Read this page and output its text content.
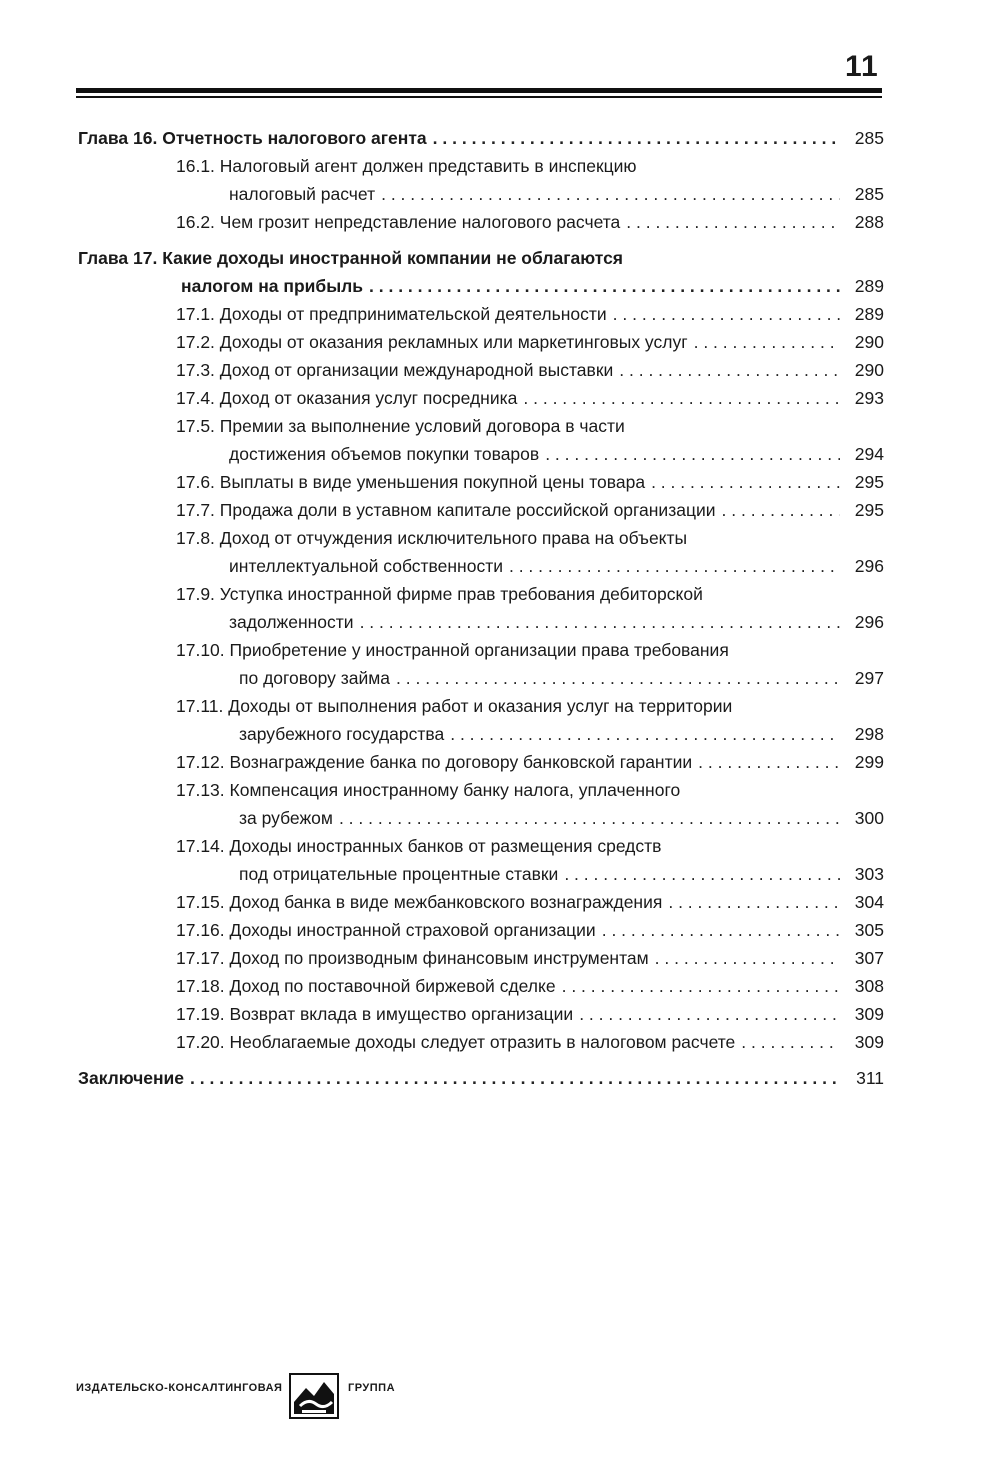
11
Глава 16. Отчетность налогового агента . . .	285
16.1. Налоговый агент должен представить в инспекцию
налоговый расчет . . .	285
16.2. Чем грозит непредставление налогового расчета . . .	288
Глава 17. Какие доходы иностранной компании не облагаются
налогом на прибыль . . .	289
17.1. Доходы от предпринимательской деятельности . . .	289
17.2. Доходы от оказания рекламных или маркетинговых услуг . . .	290
17.3. Доход от организации международной выставки . . .	290
17.4. Доход от оказания услуг посредника . . .	293
17.5. Премии за выполнение условий договора в части
достижения объемов покупки товаров . . .	294
17.6. Выплаты в виде уменьшения покупной цены товара . . .	295
17.7. Продажа доли в уставном капитале российской организации . . .	295
17.8. Доход от отчуждения исключительного права на объекты
интеллектуальной собственности . . .	296
17.9. Уступка иностранной фирме прав требования дебиторской
задолженности . . .	296
17.10. Приобретение у иностранной организации права требования
по договору займа . . .	297
17.11. Доходы от выполнения работ и оказания услуг на территории
зарубежного государства . . .	298
17.12. Вознаграждение банка по договору банковской гарантии . . .	299
17.13. Компенсация иностранному банку налога, уплаченного
за рубежом . . .	300
17.14. Доходы иностранных банков от размещения средств
под отрицательные процентные ставки . . .	303
17.15. Доход банка в виде межбанковского вознаграждения . . .	304
17.16. Доходы иностранной страховой организации . . .	305
17.17. Доход по производным финансовым инструментам . . .	307
17.18. Доход по поставочной биржевой сделке . . .	308
17.19. Возврат вклада в имущество организации . . .	309
17.20. Необлагаемые доходы следует отразить в налоговом расчете . . .	309
Заключение . . .	311
ИЗДАТЕЛЬСКО-КОНСАЛТИНГОВАЯ	ГРУППА
